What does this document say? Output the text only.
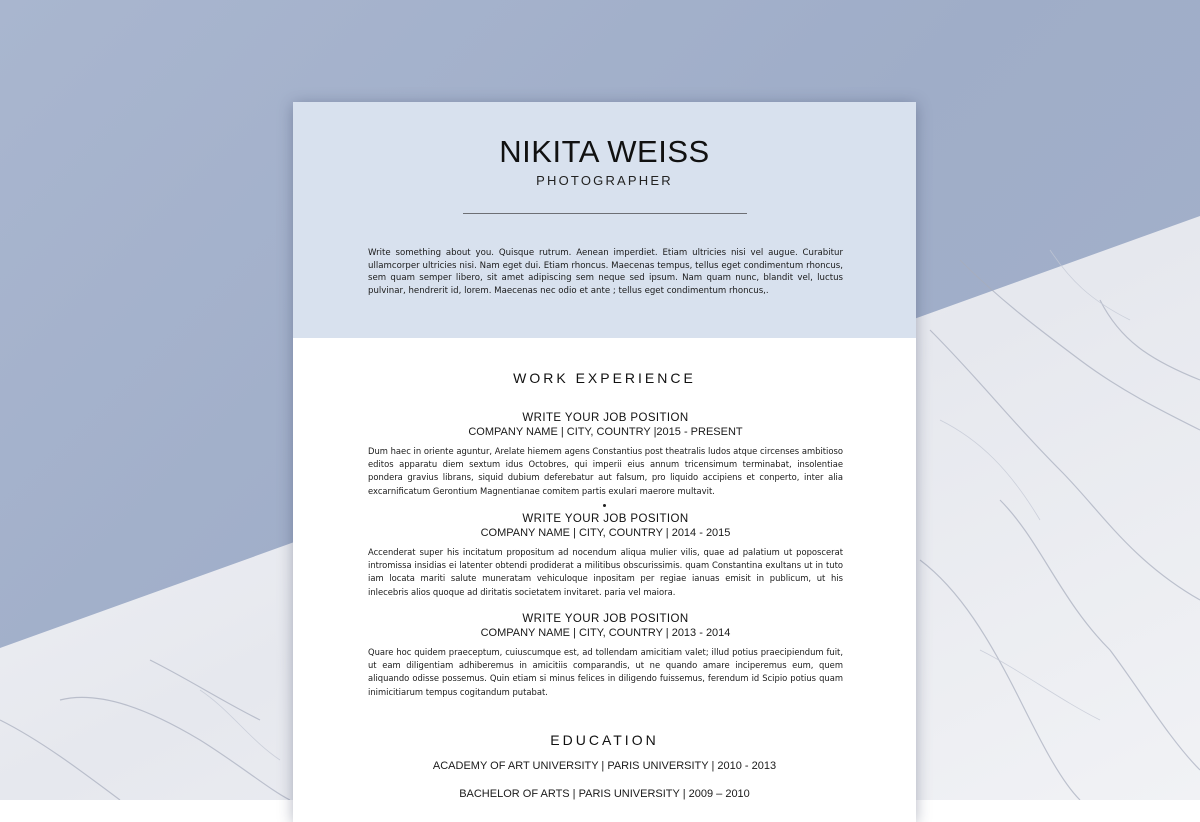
NIKITA WEISS
PHOTOGRAPHER

Write something about you. Quisque rutrum. Aenean imperdiet. Etiam ultricies nisi vel augue. Curabitur ullamcorper ultricies nisi. Nam eget dui. Etiam rhoncus. Maecenas tempus, tellus eget condimentum rhoncus, sem quam semper libero, sit amet adipiscing sem neque sed ipsum. Nam quam nunc, blandit vel, luctus pulvinar, hendrerit id, lorem. Maecenas nec odio et ante ; tellus eget condimentum rhoncus,.

WORK EXPERIENCE
WRITE YOUR JOB POSITION
COMPANY NAME | CITY, COUNTRY |2015 - PRESENT

Dum haec in oriente aguntur, Arelate hiemem agens Constantius post theatralis ludos atque circenses ambitioso editos apparatu diem sextum idus Octobres, qui imperii eius annum tricensimum terminabat, insolentiae pondera gravius librans, siquid dubium deferebatur aut falsum, pro liquido accipiens et conperto, inter alia excarnificatum Gerontium Magnentianae comitem partis exulari maerore multavit.

WRITE YOUR JOB POSITION
COMPANY NAME | CITY, COUNTRY | 2014 - 2015

Accenderat super his incitatum propositum ad nocendum aliqua mulier vilis, quae ad palatium ut poposcerat intromissa insidias ei latenter obtendi prodiderat a militibus obscurissimis. quam Constantina exultans ut in tuto iam locata mariti salute muneratam vehiculoque inpositam per regiae ianuas emisit in publicum, ut his inlecebris alios quoque ad diritatis societatem invitaret. paria vel maiora.

WRITE YOUR JOB POSITION
COMPANY NAME | CITY, COUNTRY | 2013 - 2014

Quare hoc quidem praeceptum, cuiuscumque est, ad tollendam amicitiam valet; illud potius praecipiendum fuit, ut eam diligentiam adhiberemus in amicitiis comparandis, ut ne quando amare inciperemus eum, quem aliquando odisse possemus. Quin etiam si minus felices in diligendo fuissemus, ferendum id Scipio potius quam inimicitiarum tempus cogitandum putabat.

EDUCATION
ACADEMY OF ART UNIVERSITY | PARIS UNIVERSITY | 2010 - 2013
BACHELOR OF ARTS | PARIS UNIVERSITY | 2009 – 2010
